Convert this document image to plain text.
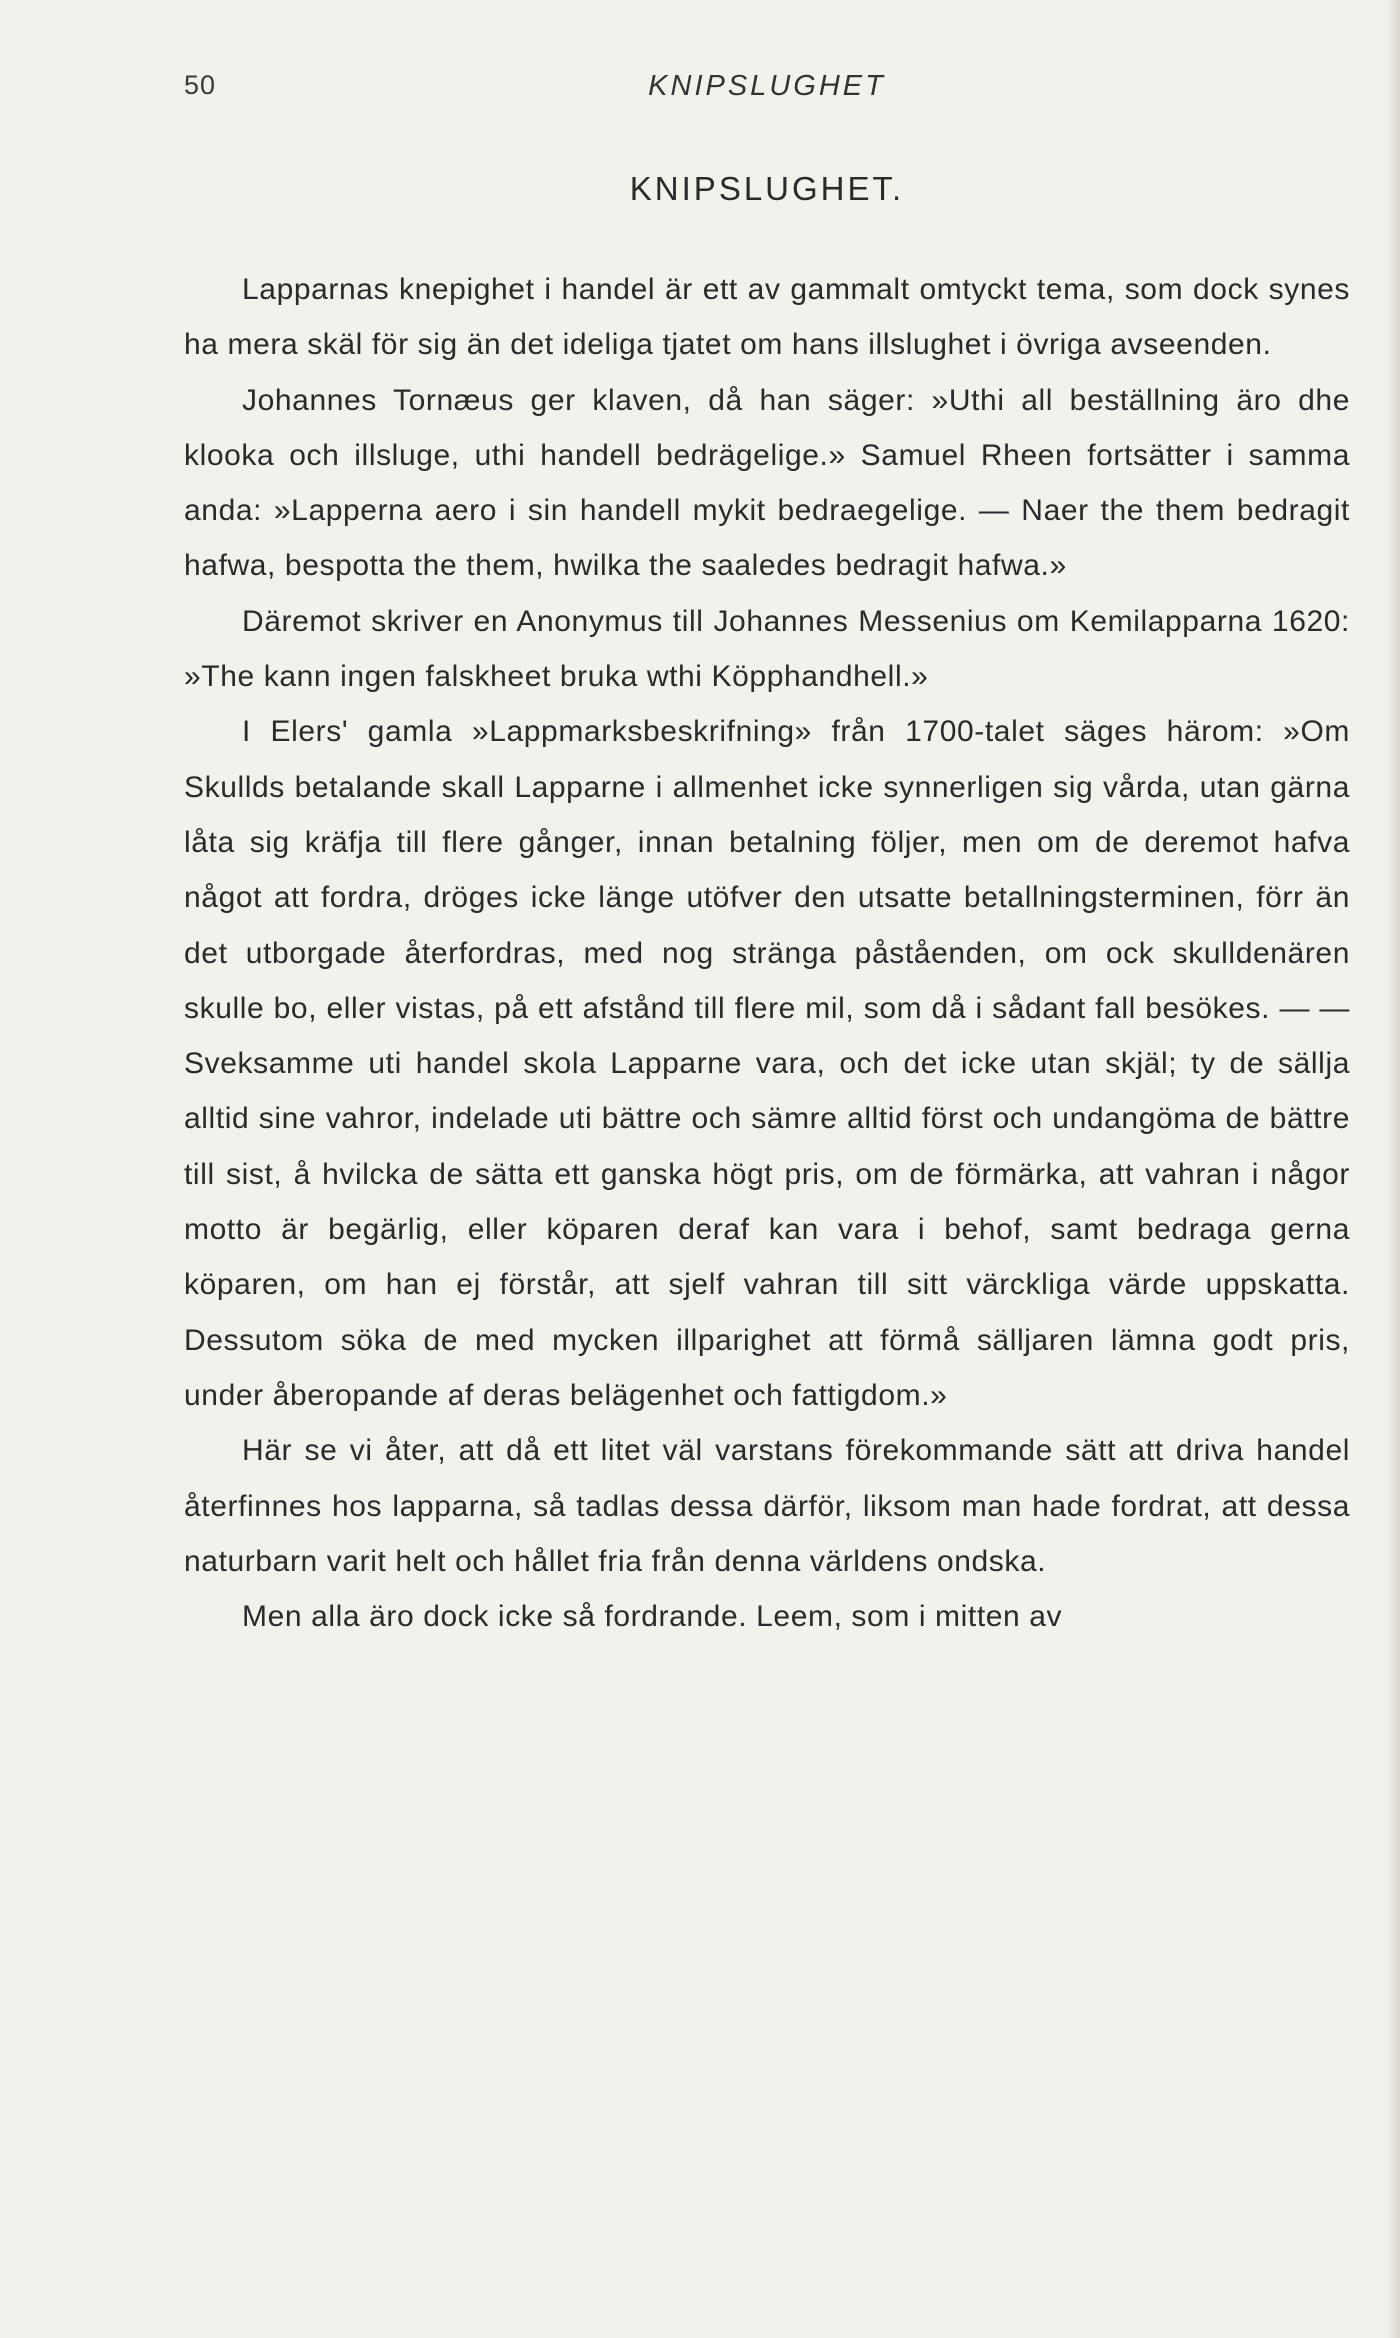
50	KNIPSLUGHET
KNIPSLUGHET.

Lapparnas knepighet i handel är ett av gammalt omtyckt tema, som dock synes ha mera skäl för sig än det ideliga tjatet om hans illslughet i övriga avseenden.

Johannes Tornæus ger klaven, då han säger: »Uthi all beställning äro dhe klooka och illsluge, uthi handell bedrägelige.» Samuel Rheen fortsätter i samma anda: »Lapperna aero i sin handell mykit bedraegelige. — Naer the them bedragit hafwa, bespotta the them, hwilka the saaledes bedragit hafwa.»

Däremot skriver en Anonymus till Johannes Messenius om Kemilapparna 1620: »The kann ingen falskheet bruka wthi Köpphandhell.»

I Elers' gamla »Lappmarksbeskrifning» från 1700-talet säges härom: »Om Skullds betalande skall Lapparne i allmenhet icke synnerligen sig vårda, utan gärna låta sig kräfja till flere gånger, innan betalning följer, men om de deremot hafva något att fordra, dröges icke länge utöfver den utsatte betallningsterminen, förr än det utborgade återfordras, med nog stränga påståenden, om ock skulldenären skulle bo, eller vistas, på ett afstånd till flere mil, som då i sådant fall besökes. — — Sveksamme uti handel skola Lapparne vara, och det icke utan skjäl; ty de sällja alltid sine vahror, indelade uti bättre och sämre alltid först och undangöma de bättre till sist, å hvilcka de sätta ett ganska högt pris, om de förmärka, att vahran i någor motto är begärlig, eller köparen deraf kan vara i behof, samt bedraga gerna köparen, om han ej förstår, att sjelf vahran till sitt värckliga värde uppskatta. Dessutom söka de med mycken illparighet att förmå sälljaren lämna godt pris, under åberopande af deras belägenhet och fattigdom.»

Här se vi åter, att då ett litet väl varstans förekommande sätt att driva handel återfinnes hos lapparna, så tadlas dessa därför, liksom man hade fordrat, att dessa naturbarn varit helt och hållet fria från denna världens ondska.

Men alla äro dock icke så fordrande. Leem, som i mitten av
